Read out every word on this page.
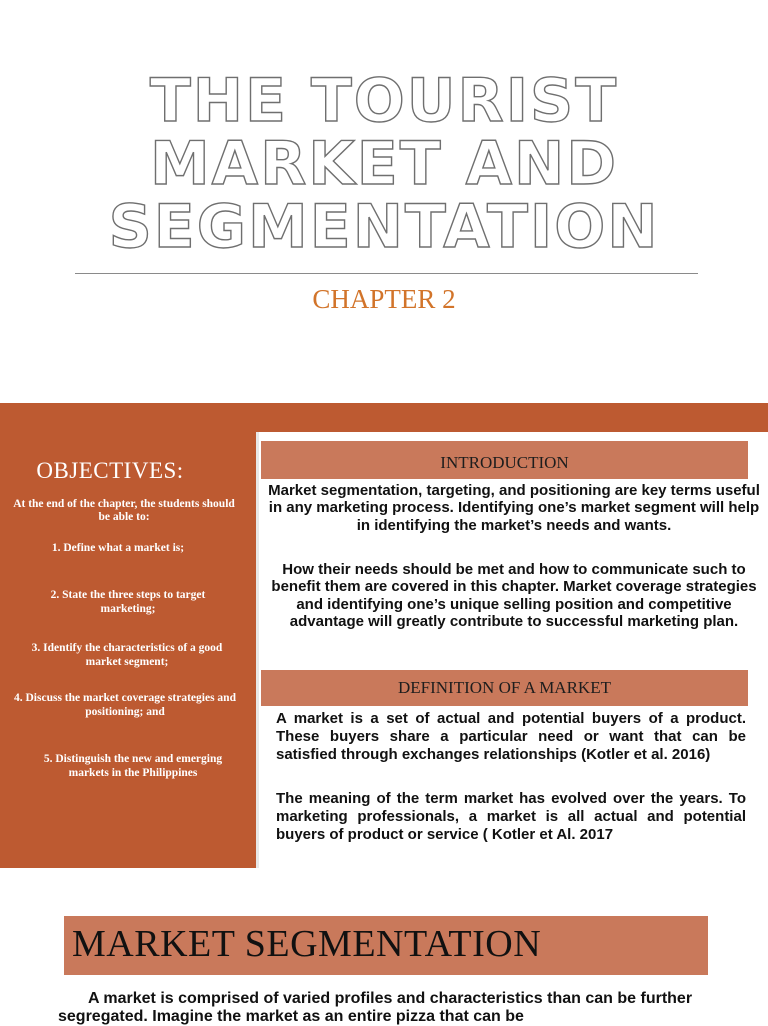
THE TOURIST
MARKET AND
SEGMENTATION
CHAPTER 2
OBJECTIVES:
At the end of the chapter, the students should be able to:
1. Define what a market is;
2. State the three steps to target marketing;
3. Identify the characteristics of a good market segment;
4. Discuss the market coverage strategies and positioning; and
5. Distinguish the new and emerging markets in the Philippines
INTRODUCTION
Market segmentation, targeting, and positioning are key terms useful in any marketing process. Identifying one’s market segment will help in identifying the market’s needs and wants.
How their needs should be met and how to communicate such to benefit them are covered in this chapter. Market coverage strategies and identifying one’s unique selling position and competitive advantage will greatly contribute to successful marketing plan.
DEFINITION OF A MARKET
A market is a set of actual and potential buyers of a product. These buyers share a particular need or want that can be satisfied through exchanges relationships (Kotler et al. 2016)
The meaning of the term market has evolved over the years. To marketing professionals, a market is all actual and potential buyers of product or service ( Kotler et Al. 2017
MARKET SEGMENTATION
A market is comprised of varied profiles and characteristics than can be further segregated. Imagine the market as an entire pizza that can be
